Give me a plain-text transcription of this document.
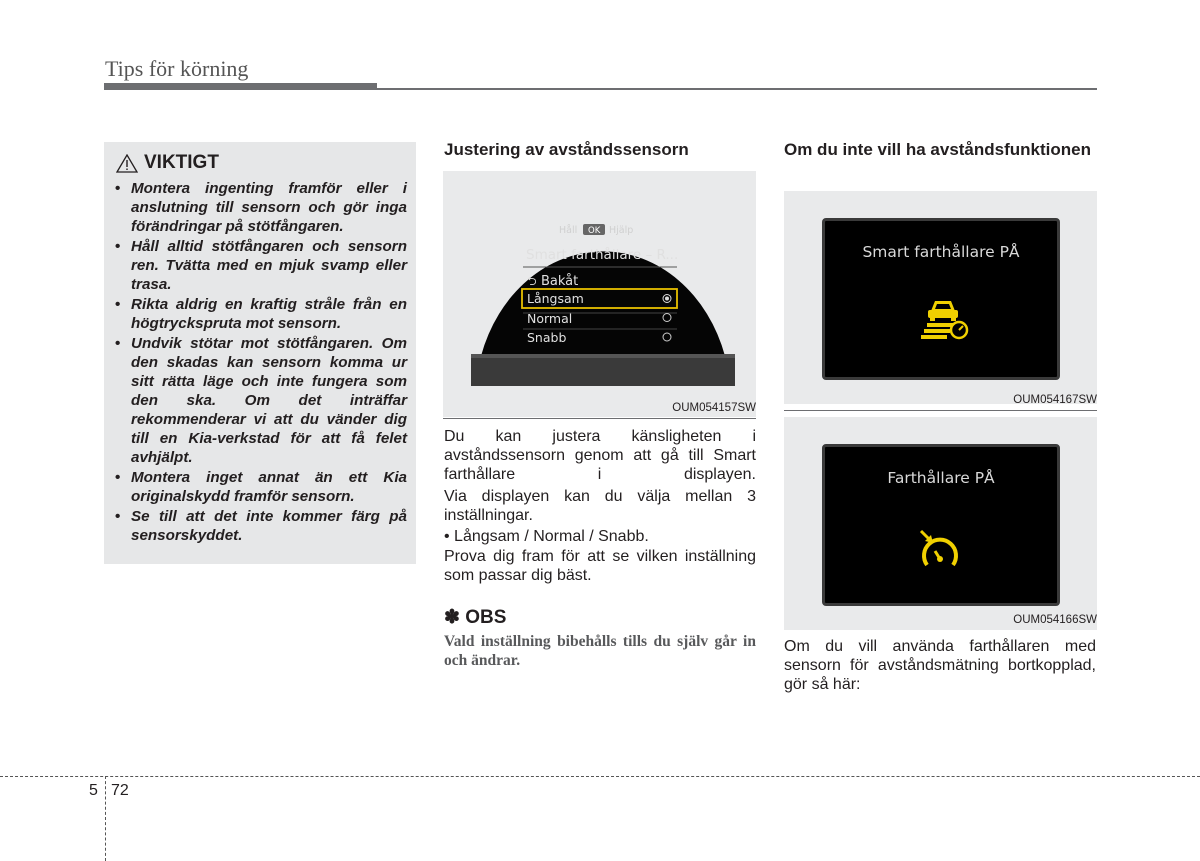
Tips för körning
VIKTIGT
• Montera ingenting framför eller i anslutning till sensorn och gör inga förändringar på stötfångaren.
• Håll alltid stötfångaren och sensorn ren. Tvätta med en mjuk svamp eller trasa.
• Rikta aldrig en kraftig stråle från en högtryckspruta mot sensorn.
• Undvik stötar mot stötfångaren. Om den skadas kan sensorn komma ur sitt rätta läge och inte fungera som den ska. Om det inträffar rekommenderar vi att du vänder dig till en Kia-verkstad för att få felet avhjälpt.
• Montera inget annat än ett Kia originalskydd framför sensorn.
• Se till att det inte kommer färg på sensorskyddet.
Justering av avståndssensorn
Håll OK Hjälp
Smart farthållare – R...
⮌ Bakåt
Långsam
Normal
Snabb
OUM054157SW
Du kan justera känsligheten i avståndssensorn genom att gå till Smart farthållare i displayen.
Via displayen kan du välja mellan 3 inställningar.
• Långsam / Normal / Snabb.
Prova dig fram för att se vilken inställning som passar dig bäst.
✽ OBS
Vald inställning bibehålls tills du själv går in och ändrar.
Om du inte vill ha avståndsfunktionen
Smart farthållare PÅ
OUM054167SW
Farthållare PÅ
OUM054166SW
Om du vill använda farthållaren med sensorn för avståndsmätning bortkopplad, gör så här:
5 72
